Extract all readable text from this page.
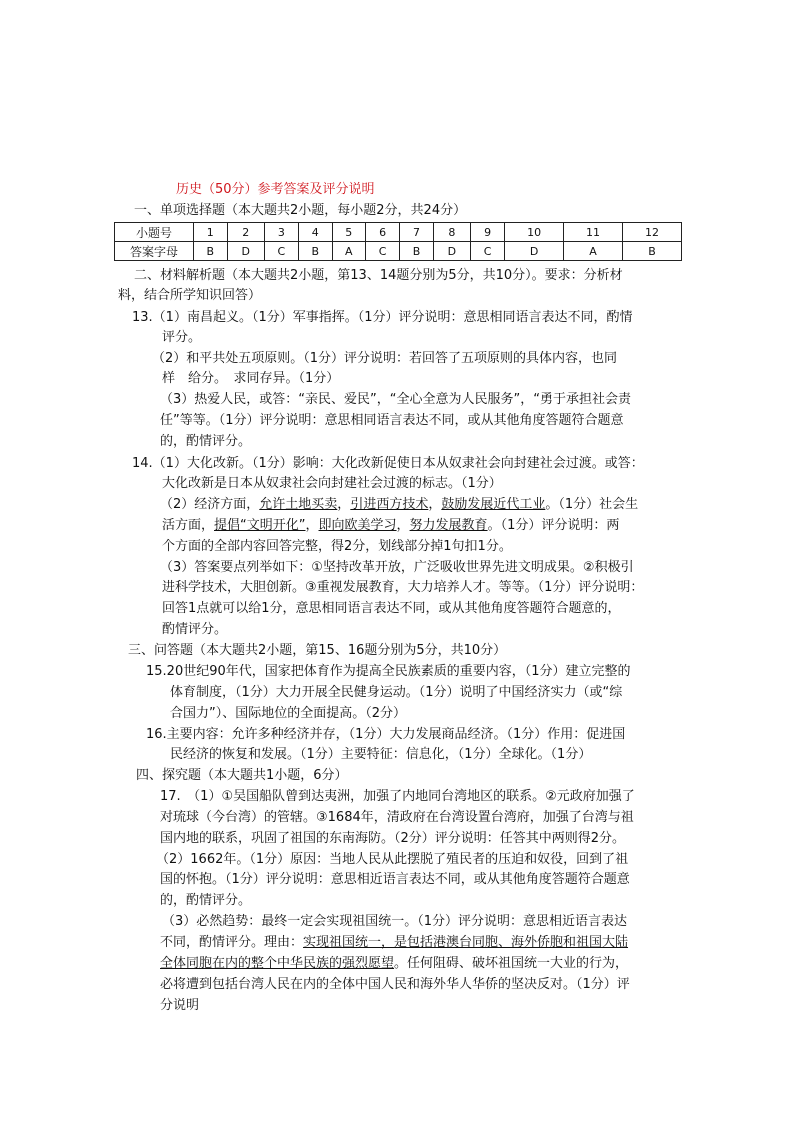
历史（50分）参考答案及评分说明
一、单项选择题（本大题共2小题，每小题2分，共24分）
小题号	1	2	3	4	5	6	7	8	9	10	11	12
答案字母	B	D	C	B	A	C	B	D	C	D	A	B
二、材料解析题（本大题共2小题，第13、14题分别为5分，共10分）。要求：分析材
料，结合所学知识回答）
13.（1）南昌起义。（1分）军事指挥。（1分）评分说明：意思相同语言表达不同，酌情
评分。
（2）和平共处五项原则。（1分）评分说明：若回答了五项原则的具体内容，也同
样　给分。　求同存异。（1分）
（3）热爱人民，或答：“亲民、爱民”，“全心全意为人民服务”，“勇于承担社会责
任”等等。（1分）评分说明：意思相同语言表达不同，或从其他角度答题符合题意
的，酌情评分。
14.（1）大化改新。（1分）影响：大化改新促使日本从奴隶社会向封建社会过渡。或答：
大化改新是日本从奴隶社会向封建社会过渡的标志。（1分）
（2）经济方面，允许土地买卖，引进西方技术，鼓励发展近代工业。（1分）社会生
活方面，提倡“文明开化”，即向欧美学习，努力发展教育。（1分）评分说明：两
个方面的全部内容回答完整，得2分，划线部分掉1句扣1分。
（3）答案要点列举如下：①坚持改革开放，广泛吸收世界先进文明成果。②积极引
进科学技术，大胆创新。③重视发展教育，大力培养人才。等等。（1分）评分说明：
回答1点就可以给1分，意思相同语言表达不同，或从其他角度答题符合题意的，
酌情评分。
三、问答题（本大题共2小题，第15、16题分别为5分，共10分）
15.20世纪90年代，国家把体育作为提高全民族素质的重要内容，（1分）建立完整的
体育制度，（1分）大力开展全民健身运动。（1分）说明了中国经济实力（或“综
合国力”）、国际地位的全面提高。（2分）
16.主要内容：允许多种经济并存，（1分）大力发展商品经济。（1分）作用：促进国
民经济的恢复和发展。（1分）主要特征：信息化，（1分）全球化。（1分）
四、探究题（本大题共1小题，6分）
17.　（1）①吴国船队曾到达夷洲，加强了内地同台湾地区的联系。②元政府加强了
对琉球（今台湾）的管辖。③1684年，清政府在台湾设置台湾府，加强了台湾与祖
国内地的联系，巩固了祖国的东南海防。（2分）评分说明：任答其中两则得2分。
（2）1662年。（1分）原因：当地人民从此摆脱了殖民者的压迫和奴役，回到了祖
国的怀抱。（1分）评分说明：意思相近语言表达不同，或从其他角度答题符合题意
的，酌情评分。
（3）必然趋势：最终一定会实现祖国统一。（1分）评分说明：意思相近语言表达
不同，酌情评分。理由：实现祖国统一，是包括港澳台同胞、海外侨胞和祖国大陆
全体同胞在内的整个中华民族的强烈愿望。任何阻碍、破坏祖国统一大业的行为，
必将遭到包括台湾人民在内的全体中国人民和海外华人华侨的坚决反对。（1分）评
分说明
